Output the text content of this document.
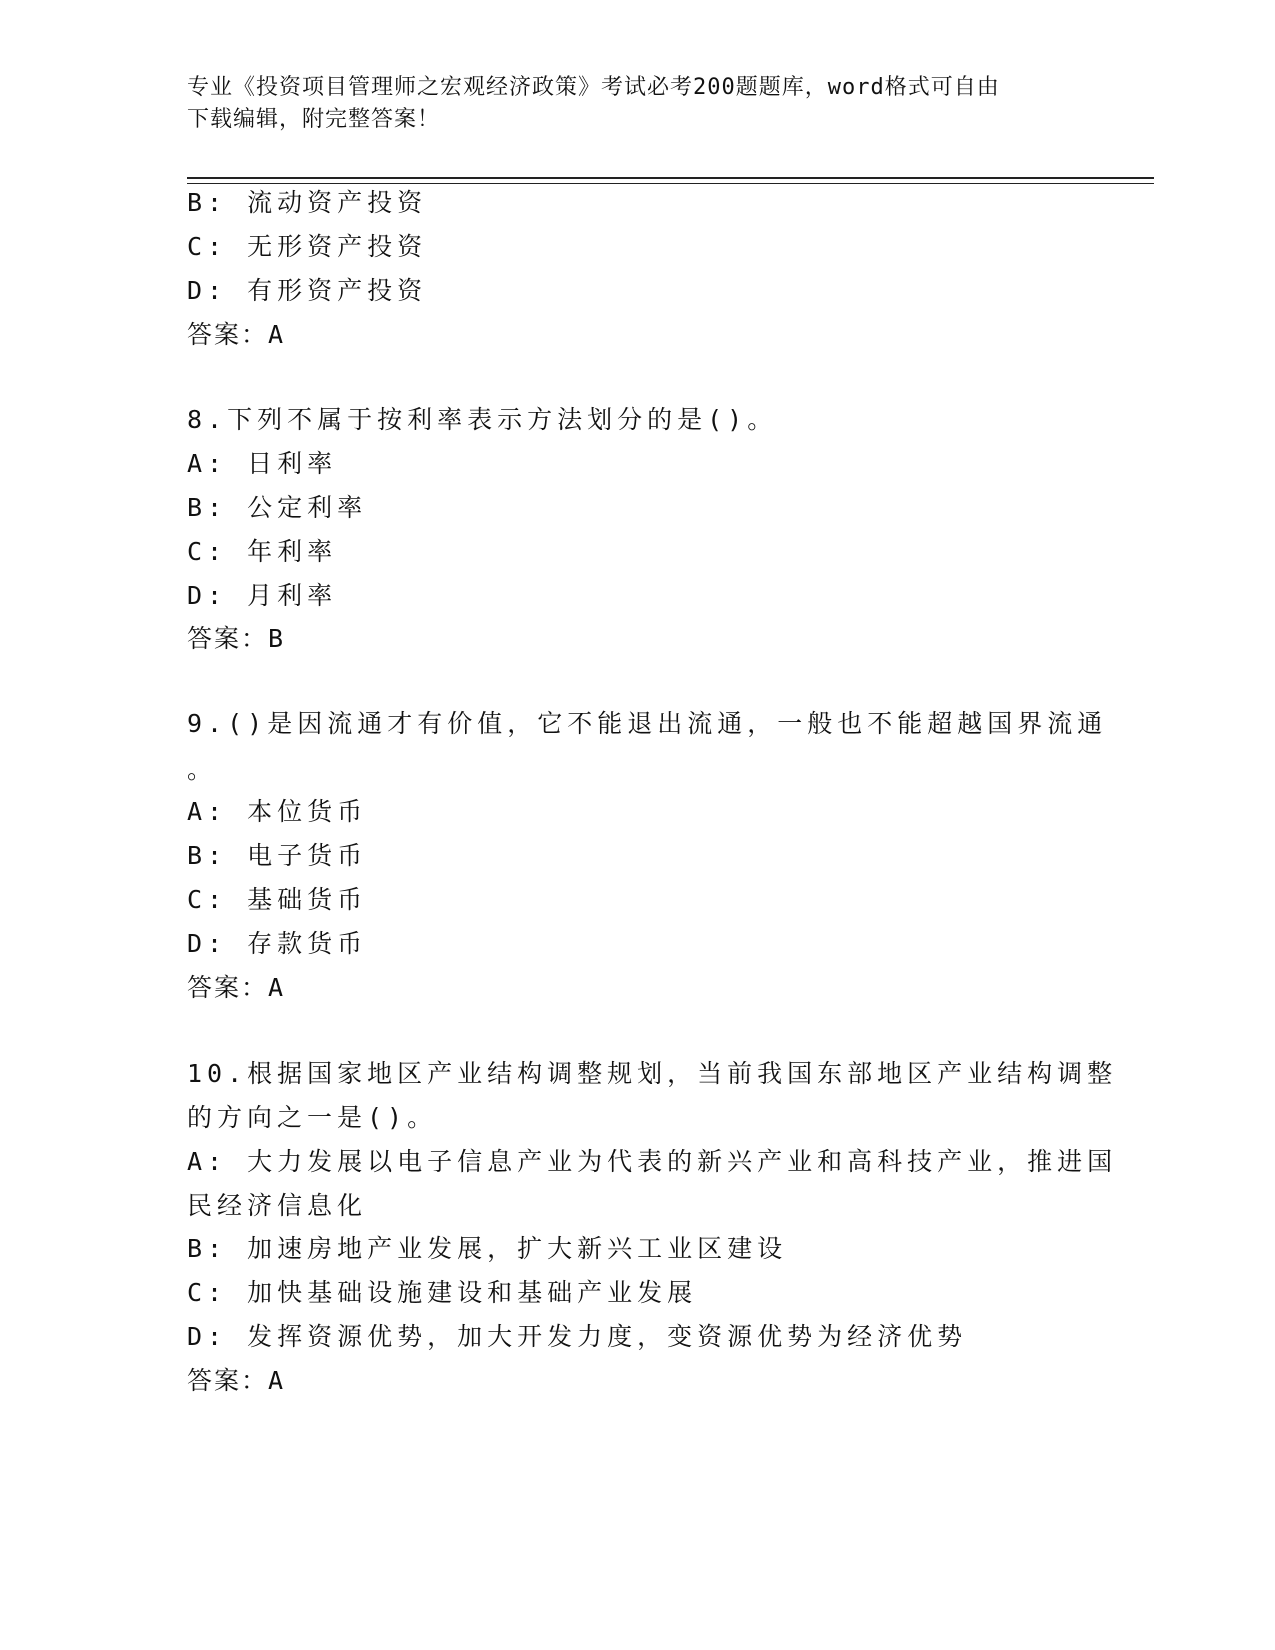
专业《投资项目管理师之宏观经济政策》考试必考200题题库，word格式可自由
下载编辑，附完整答案！
B: 流动资产投资
C: 无形资产投资
D: 有形资产投资
答案：A
8.下列不属于按利率表示方法划分的是()。
A: 日利率
B: 公定利率
C: 年利率
D: 月利率
答案：B
9.()是因流通才有价值，它不能退出流通，一般也不能超越国界流通
。
A: 本位货币
B: 电子货币
C: 基础货币
D: 存款货币
答案：A
10.根据国家地区产业结构调整规划，当前我国东部地区产业结构调整
的方向之一是()。
A: 大力发展以电子信息产业为代表的新兴产业和高科技产业，推进国
民经济信息化
B: 加速房地产业发展，扩大新兴工业区建设
C: 加快基础设施建设和基础产业发展
D: 发挥资源优势，加大开发力度，变资源优势为经济优势
答案：A
